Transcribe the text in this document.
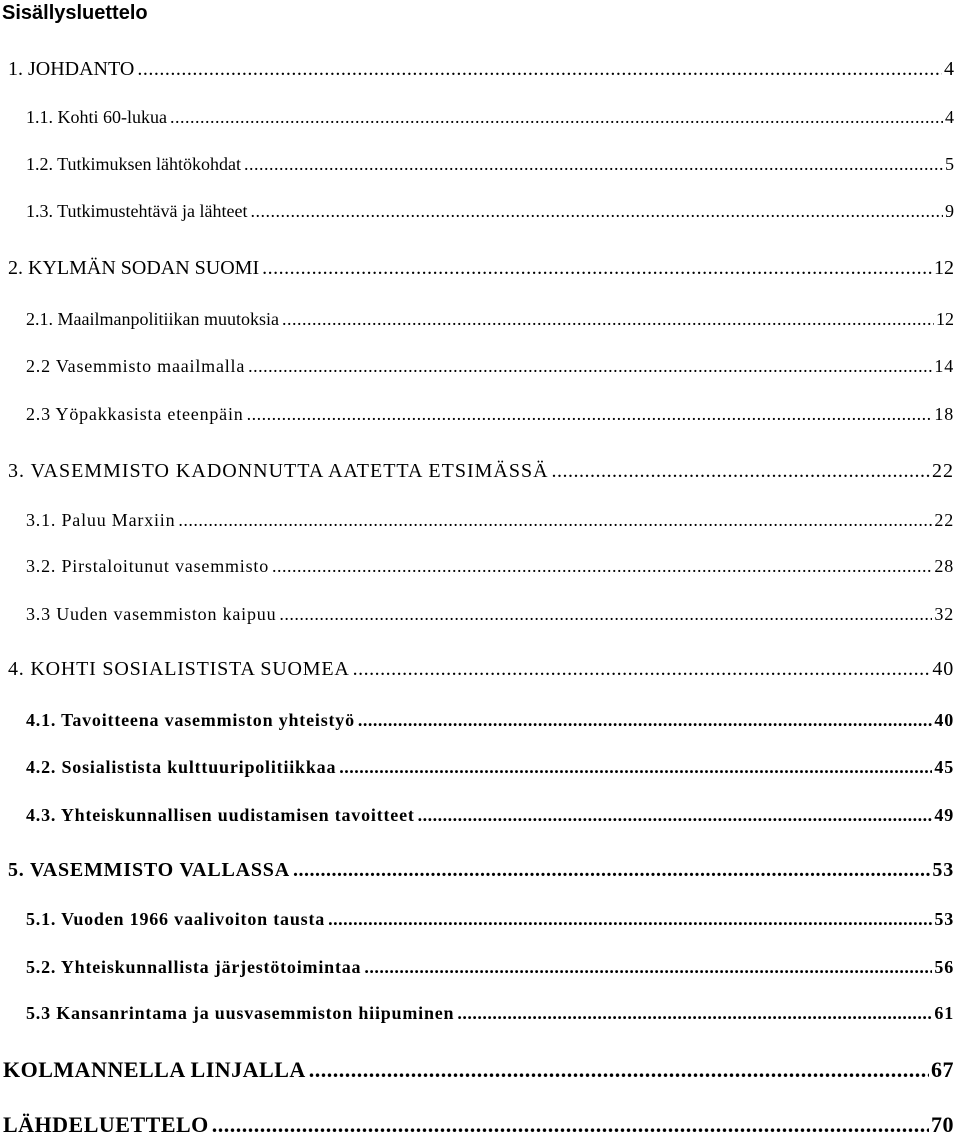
Sisällysluettelo
1. JOHDANTO .....	4
1.1. Kohti 60-lukua .....	4
1.2. Tutkimuksen lähtökohdat .....	5
1.3. Tutkimustehtävä ja lähteet .....	9
2. KYLMÄN SODAN SUOMI .....	12
2.1. Maailmanpolitiikan muutoksia .....	12
2.2 Vasemmisto maailmalla .....	14
2.3 Yöpakkasista eteenpäin .....	18
3. VASEMMISTO KADONNUTTA AATETTA ETSIMÄSSÄ .....	22
3.1. Paluu Marxiin .....	22
3.2. Pirstaloitunut vasemmisto .....	28
3.3 Uuden vasemmiston kaipuu .....	32
4. KOHTI SOSIALISTISTA SUOMEA .....	40
4.1. Tavoitteena vasemmiston yhteistyö .....	40
4.2. Sosialistista kulttuuripolitiikkaa .....	45
4.3. Yhteiskunnallisen uudistamisen tavoitteet .....	49
5. VASEMMISTO VALLASSA .....	53
5.1. Vuoden 1966 vaalivoiton tausta .....	53
5.2. Yhteiskunnallista järjestötoimintaa .....	56
5.3 Kansanrintama ja uusvasemmiston hiipuminen .....	61
KOLMANNELLA LINJALLA .....	67
LÄHDELUETTELO .....	70
